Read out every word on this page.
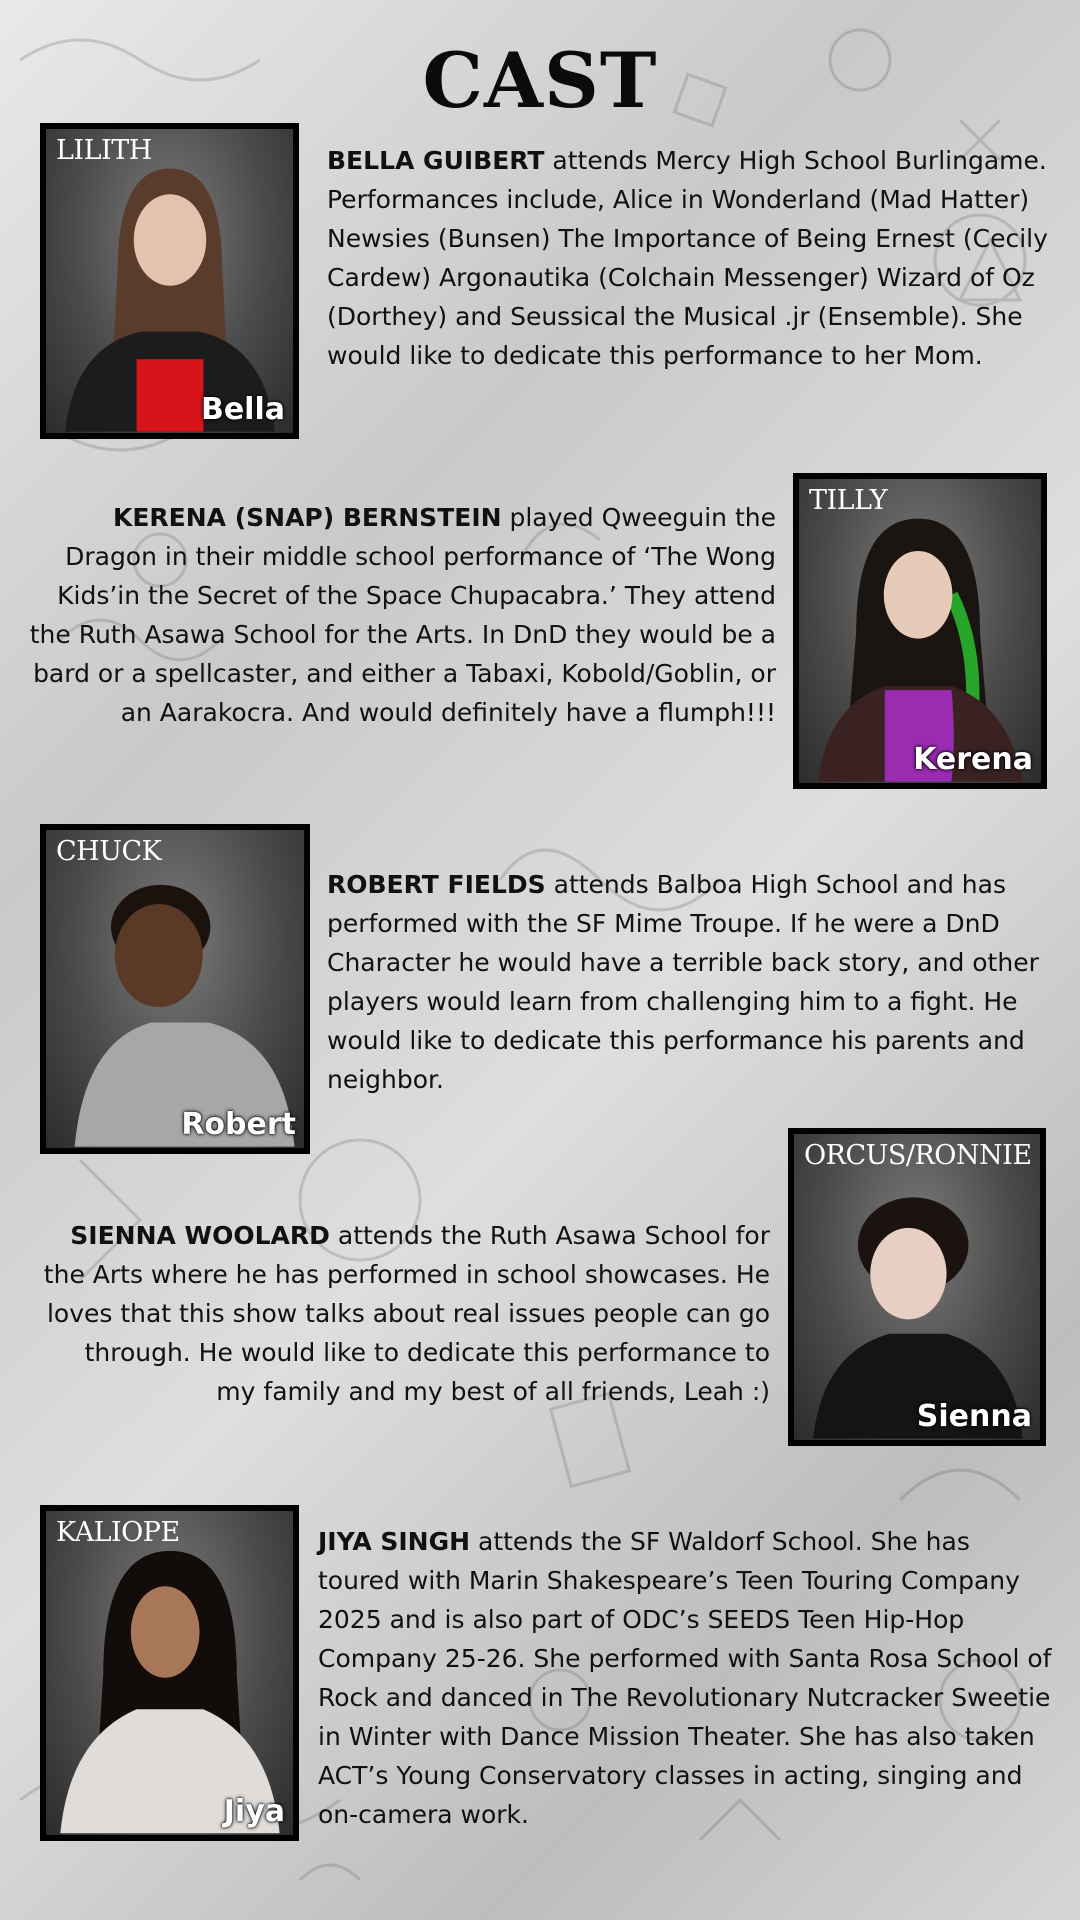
CAST
LILITH
Bella

BELLA GUIBERT attends Mercy High School Burlingame. Performances include, Alice in Wonderland (Mad Hatter) Newsies (Bunsen) The Importance of Being Ernest (Cecily Cardew) Argonautika (Colchain Messenger) Wizard of Oz (Dorthey) and Seussical the Musical .jr (Ensemble). She would like to dedicate this performance to her Mom.

TILLY
Kerena

KERENA (SNAP) BERNSTEIN played Qweeguin the Dragon in their middle school performance of ‘The Wong Kids’in the Secret of the Space Chupacabra.’ They attend the Ruth Asawa School for the Arts. In DnD they would be a bard or a spellcaster, and either a Tabaxi, Kobold/Goblin, or an Aarakocra. And would definitely have a flumph!!!

CHUCK
Robert

ROBERT FIELDS attends Balboa High School and has performed with the SF Mime Troupe. If he were a DnD Character he would have a terrible back story, and other players would learn from challenging him to a fight. He would like to dedicate this performance his parents and neighbor.

ORCUS/RONNIE
Sienna

SIENNA WOOLARD attends the Ruth Asawa School for the Arts where he has performed in school showcases. He loves that this show talks about real issues people can go through. He would like to dedicate this performance to my family and my best of all friends, Leah :)

KALIOPE
Jiya

JIYA SINGH attends the SF Waldorf School. She has toured with Marin Shakespeare’s Teen Touring Company 2025 and is also part of ODC’s SEEDS Teen Hip-Hop Company 25-26. She performed with Santa Rosa School of Rock and danced in The Revolutionary Nutcracker Sweetie in Winter with Dance Mission Theater. She has also taken ACT’s Young Conservatory classes in acting, singing and on-camera work.
